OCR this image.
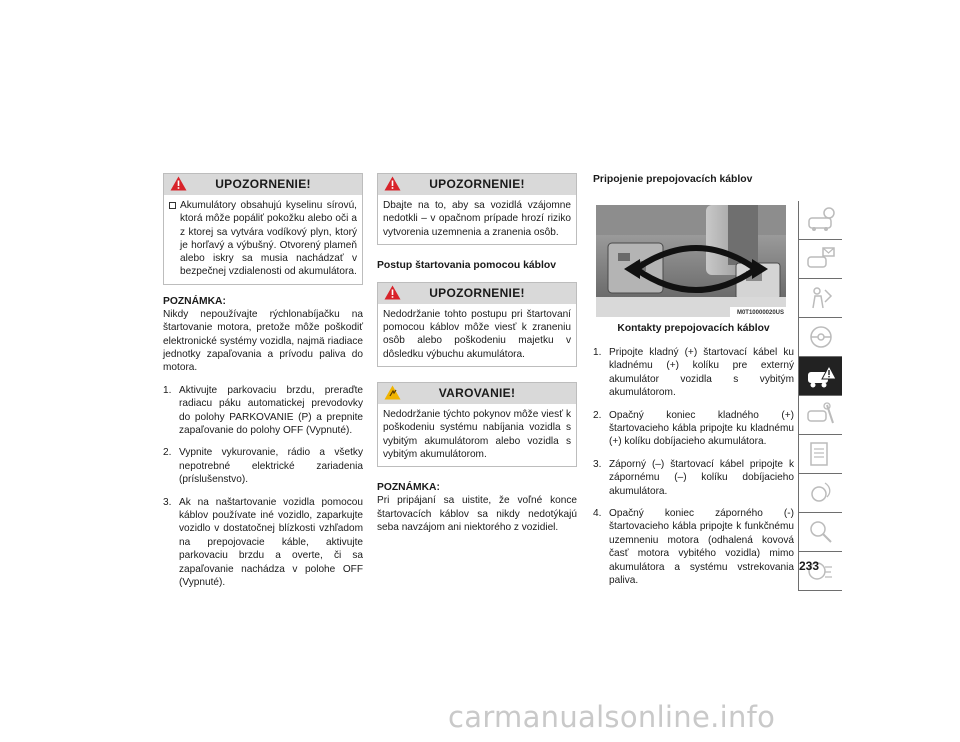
UPOZORNENIE!
Akumulátory obsahujú kyselinu sírovú, ktorá môže popáliť pokožku alebo oči a z ktorej sa vytvára vodíkový plyn, ktorý je horľavý a výbušný. Otvorený plameň alebo iskry sa musia nachádzať v bezpečnej vzdialenosti od akumulátora.
POZNÁMKA:
Nikdy nepoužívajte rýchlonabíjačku na štartovanie motora, pretože môže poškodiť elektronické systémy vozidla, najmä riadiace jednotky zapaľovania a prívodu paliva do motora.
1. Aktivujte parkovaciu brzdu, preraďte radiacu páku automatickej prevodovky do polohy PARKOVANIE (P) a prepnite zapaľovanie do polohy OFF (Vypnuté).
2. Vypnite vykurovanie, rádio a všetky nepotrebné elektrické zariadenia (príslušenstvo).
3. Ak na naštartovanie vozidla pomocou káblov používate iné vozidlo, zaparkujte vozidlo v dostatočnej blízkosti vzhľadom na prepojovacie káble, aktivujte parkovaciu brzdu a overte, či sa zapaľovanie nachádza v polohe OFF (Vypnuté).
UPOZORNENIE!
Dbajte na to, aby sa vozidlá vzájomne nedotkli – v opačnom prípade hrozí riziko vytvorenia uzemnenia a zranenia osôb.
Postup štartovania pomocou káblov
UPOZORNENIE!
Nedodržanie tohto postupu pri štartovaní pomocou káblov môže viesť k zraneniu osôb alebo poškodeniu majetku v dôsledku výbuchu akumulátora.
VAROVANIE!
Nedodržanie týchto pokynov môže viesť k poškodeniu systému nabíjania vozidla s vybitým akumulátorom alebo vozidla s vybitým akumulátorom.
POZNÁMKA:
Pri pripájaní sa uistite, že voľné konce štartovacích káblov sa nikdy nedotýkajú seba navzájom ani niektorého z vozidiel.
Pripojenie prepojovacích káblov
M0T10000020US
Kontakty prepojovacích káblov
1. Pripojte kladný (+) štartovací kábel ku kladnému (+) kolíku pre externý akumulátor vozidla s vybitým akumulátorom.
2. Opačný koniec kladného (+) štartovacieho kábla pripojte ku kladnému (+) kolíku dobíjacieho akumulátora.
3. Záporný (–) štartovací kábel pripojte k zápornému (–) kolíku dobíjacieho akumulátora.
4. Opačný koniec záporného (-) štartovacieho kábla pripojte k funkčnému uzemneniu motora (odhalená kovová časť motora vybitého vozidla) mimo akumulátora a systému vstrekovania paliva.
233
carmanualsonline.info
